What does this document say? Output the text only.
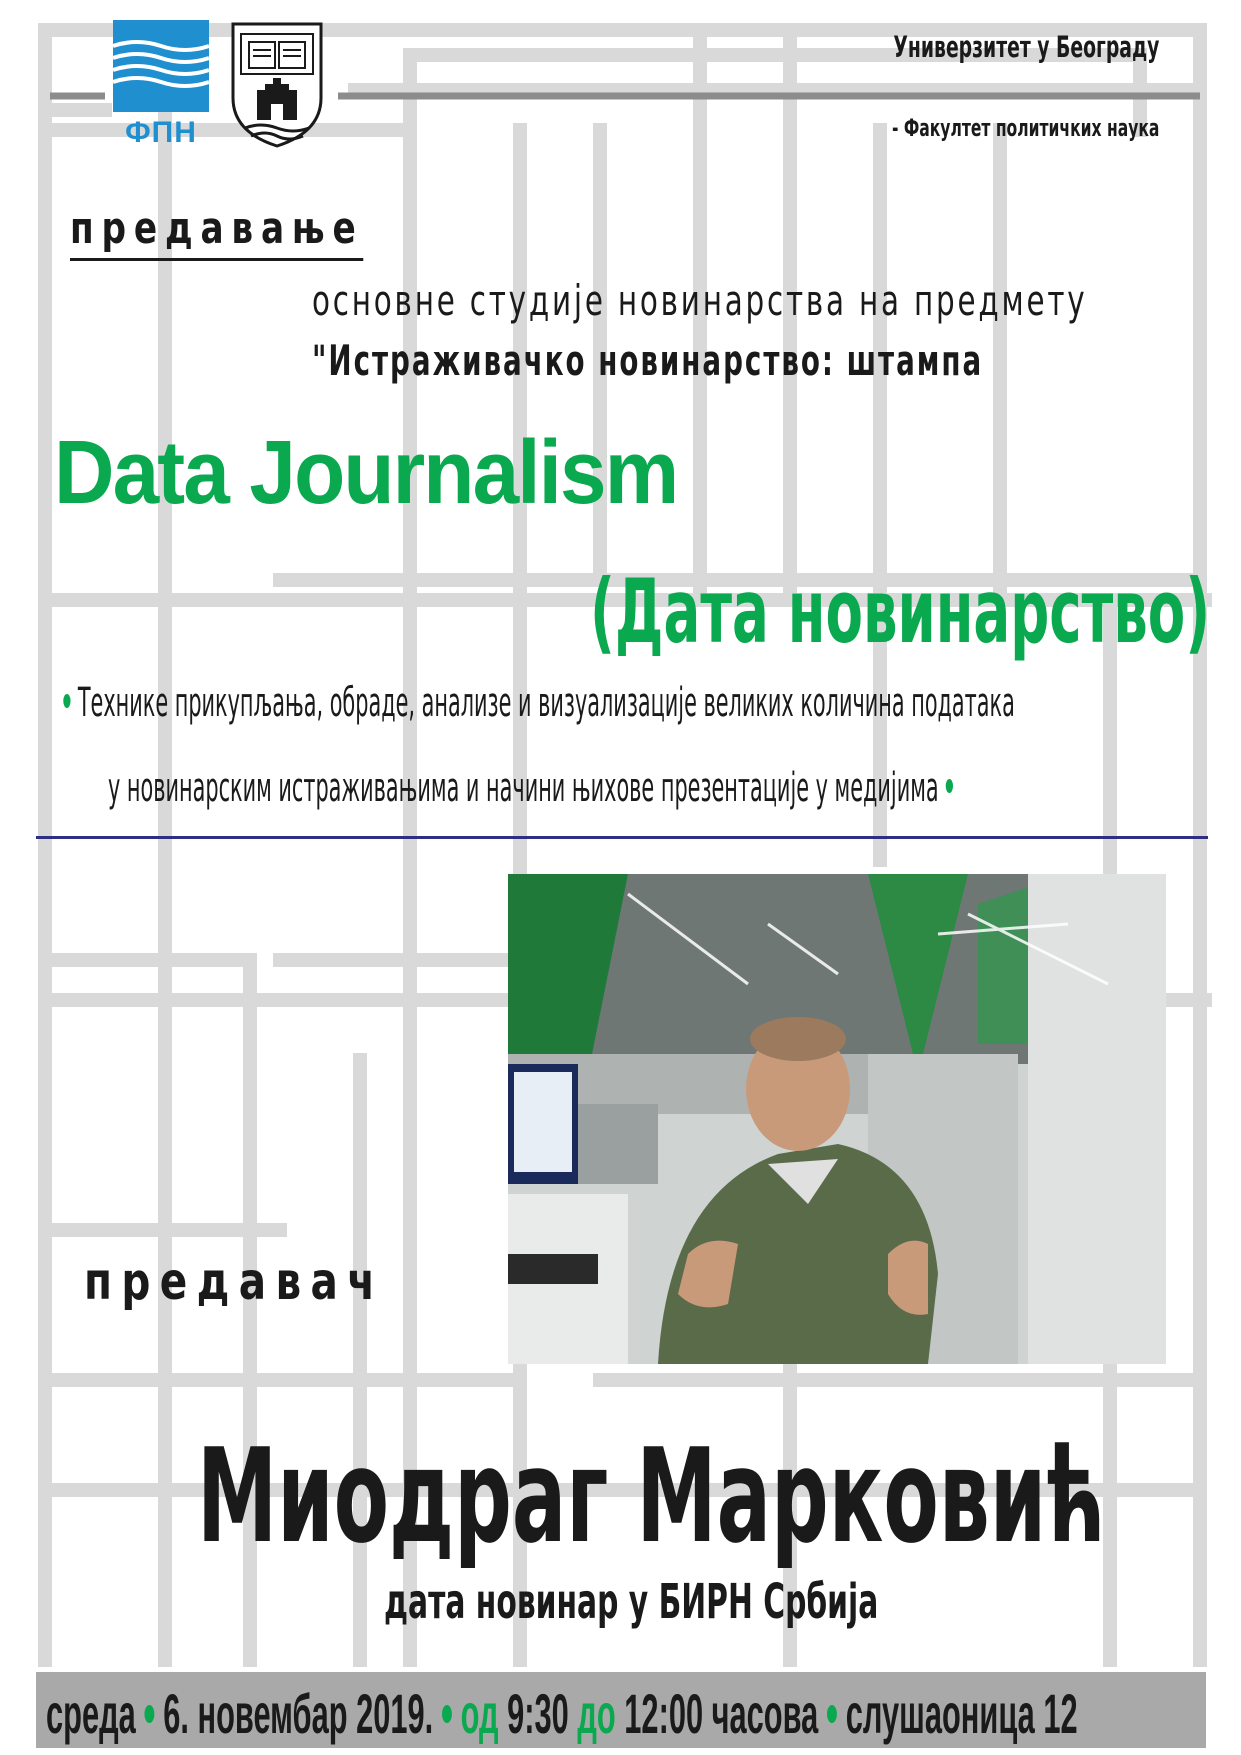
ФПН
Универзитет у Београду
- Факултет политичких наука
предавање
основне студије новинарства на предмету
"Истраживачко новинарство: штампа
Data Journalism
(Дата новинарство)
Технике прикупљања, обраде, анализе и визуализације великих количина података
у новинарским истраживањима и начини њихове презентације у медијима
предавач
Миодраг Марковић
дата новинар у БИРН Србија
среда 6. новембар 2019. од 9:30 до 12:00 часова слушаоница 12
